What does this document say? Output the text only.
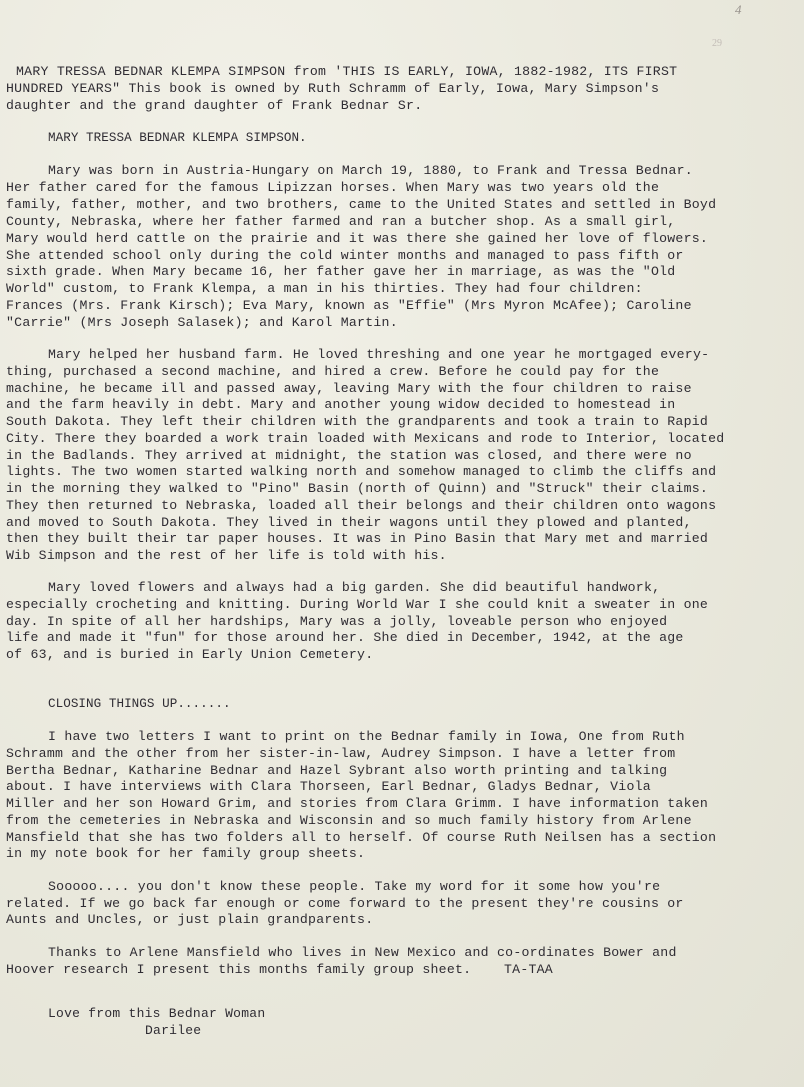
4
29
MARY TRESSA BEDNAR KLEMPA SIMPSON from 'THIS IS EARLY, IOWA, 1882-1982, ITS FIRST
HUNDRED YEARS" This book is owned by Ruth Schramm of Early, Iowa, Mary Simpson's
daughter and the grand daughter of Frank Bednar Sr.
MARY TRESSA BEDNAR KLEMPA SIMPSON.
Mary was born in Austria-Hungary on March 19, 1880, to Frank and Tressa Bednar.
Her father cared for the famous Lipizzan horses. When Mary was two years old the
family, father, mother, and two brothers, came to the United States and settled in Boyd
County, Nebraska, where her father farmed and ran a butcher shop. As a small girl,
Mary would herd cattle on the prairie and it was there she gained her love of flowers.
She attended school only during the cold winter months and managed to pass fifth or
sixth grade. When Mary became 16, her father gave her in marriage, as was the "Old
World" custom, to Frank Klempa, a man in his thirties. They had four children:
Frances (Mrs. Frank Kirsch); Eva Mary, known as "Effie" (Mrs Myron McAfee); Caroline
"Carrie" (Mrs Joseph Salasek); and Karol Martin.
Mary helped her husband farm. He loved threshing and one year he mortgaged every-
thing, purchased a second machine, and hired a crew. Before he could pay for the
machine, he became ill and passed away, leaving Mary with the four children to raise
and the farm heavily in debt. Mary and another young widow decided to homestead in
South Dakota. They left their children with the grandparents and took a train to Rapid
City. There they boarded a work train loaded with Mexicans and rode to Interior, located
in the Badlands. They arrived at midnight, the station was closed, and there were no
lights. The two women started walking north and somehow managed to climb the cliffs and
in the morning they walked to "Pino" Basin (north of Quinn) and "Struck" their claims.
They then returned to Nebraska, loaded all their belongs and their children onto wagons
and moved to South Dakota. They lived in their wagons until they plowed and planted,
then they built their tar paper houses. It was in Pino Basin that Mary met and married
Wib Simpson and the rest of her life is told with his.
Mary loved flowers and always had a big garden. She did beautiful handwork,
especially crocheting and knitting. During World War I she could knit a sweater in one
day. In spite of all her hardships, Mary was a jolly, loveable person who enjoyed
life and made it "fun" for those around her. She died in December, 1942, at the age
of 63, and is buried in Early Union Cemetery.
CLOSING THINGS UP.......
I have two letters I want to print on the Bednar family in Iowa, One from Ruth
Schramm and the other from her sister-in-law, Audrey Simpson. I have a letter from
Bertha Bednar, Katharine Bednar and Hazel Sybrant also worth printing and talking
about. I have interviews with Clara Thorseen, Earl Bednar, Gladys Bednar, Viola
Miller and her son Howard Grim, and stories from Clara Grimm. I have information taken
from the cemeteries in Nebraska and Wisconsin and so much family history from Arlene
Mansfield that she has two folders all to herself. Of course Ruth Neilsen has a section
in my note book for her family group sheets.
Sooooo.... you don't know these people. Take my word for it some how you're
related. If we go back far enough or come forward to the present they're cousins or
Aunts and Uncles, or just plain grandparents.
Thanks to Arlene Mansfield who lives in New Mexico and co-ordinates Bower and
Hoover research I present this months family group sheet.    TA-TAA
Love from this Bednar Woman
Darilee
